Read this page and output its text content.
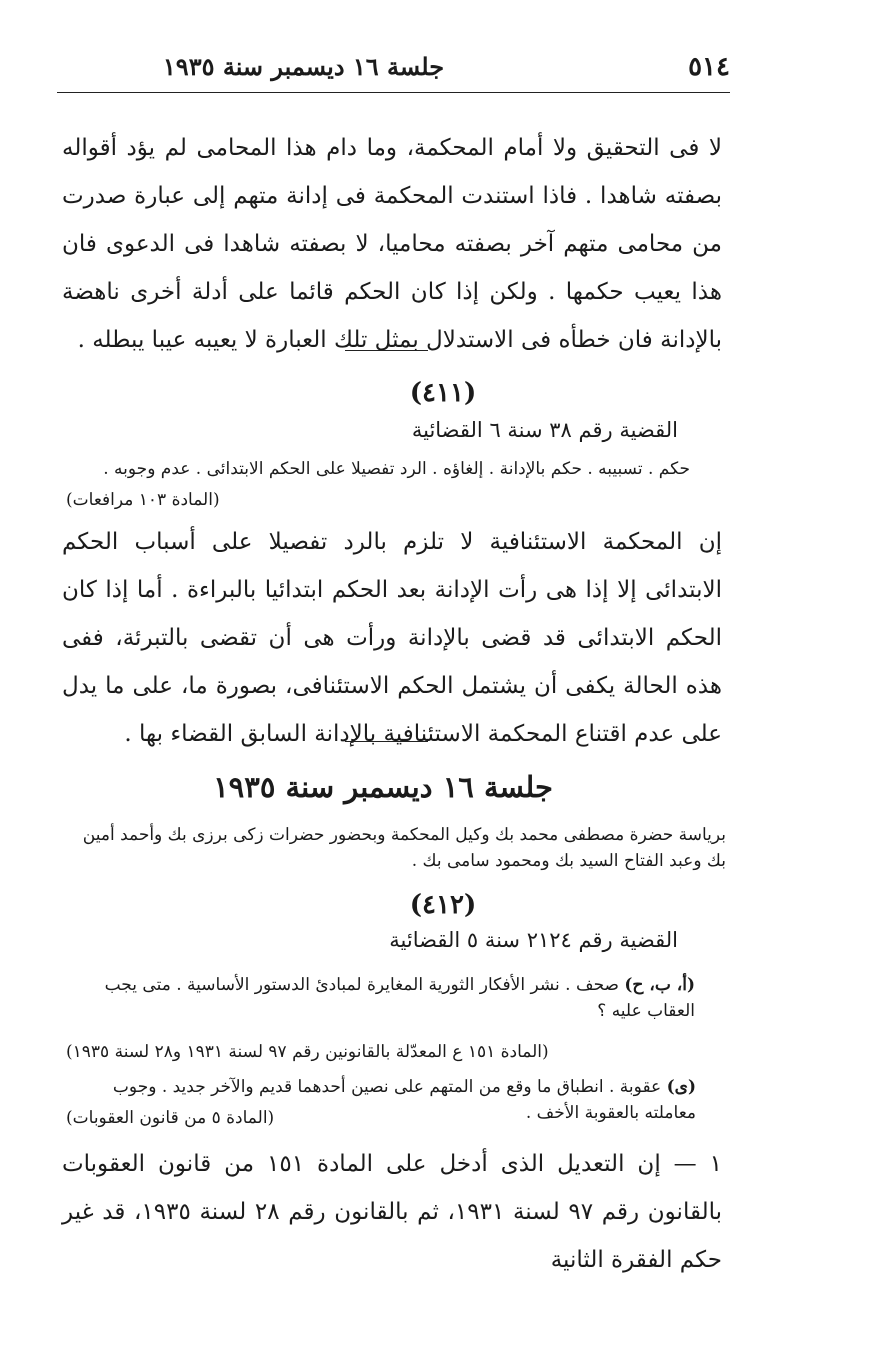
٥١٤
جلسة ١٦ ديسمبر سنة ١٩٣٥

لا فى التحقيق ولا أمام المحكمة، وما دام هذا المحامى لم يؤد أقواله بصفته شاهدا . فاذا استندت المحكمة فى إدانة متهم إلى عبارة صدرت من محامى متهم آخر بصفته محاميا، لا بصفته شاهدا فى الدعوى فان هذا يعيب حكمها . ولكن إذا كان الحكم قائما على أدلة أخرى ناهضة بالإدانة فان خطأه فى الاستدلال بمثل تلك العبارة لا يعيبه عيبا يبطله .

(٤١١)
القضية رقم ٣٨ سنة ٦ القضائية

حكم . تسبيبه . حكم بالإدانة . إلغاؤه . الرد تفصيلا على الحكم الابتدائى . عدم وجوبه .

(المادة ١٠٣ مرافعات)

إن المحكمة الاستئنافية لا تلزم بالرد تفصيلا على أسباب الحكم الابتدائى إلا إذا هى رأت الإدانة بعد الحكم ابتدائيا بالبراءة . أما إذا كان الحكم الابتدائى قد قضى بالإدانة ورأت هى أن تقضى بالتبرئة، ففى هذه الحالة يكفى أن يشتمل الحكم الاستئنافى، بصورة ما، على ما يدل على عدم اقتناع المحكمة الاستئنافية بالإدانة السابق القضاء بها .

جلسة ١٦ ديسمبر سنة ١٩٣٥

برياسة حضرة مصطفى محمد بك وكيل المحكمة وبحضور حضرات زكى برزى بك وأحمد أمين بك وعبد الفتاح السيد بك ومحمود سامى بك .

(٤١٢)
القضية رقم ٢١٢٤ سنة ٥ القضائية

(أ، ب، ح) صحف . نشر الأفكار الثورية المغايرة لمبادئ الدستور الأساسية . متى يجب العقاب عليه ؟

(المادة ١٥١ ع المعدّلة بالقانونين رقم ٩٧ لسنة ١٩٣١ و٢٨ لسنة ١٩٣٥)

(ى) عقوبة . انطباق ما وقع من المتهم على نصين أحدهما قديم والآخر جديد . وجوب معاملته بالعقوبة الأخف .

(المادة ٥ من قانون العقوبات)

١ — إن التعديل الذى أدخل على المادة ١٥١ من قانون العقوبات بالقانون رقم ٩٧ لسنة ١٩٣١، ثم بالقانون رقم ٢٨ لسنة ١٩٣٥، قد غير حكم الفقرة الثانية
